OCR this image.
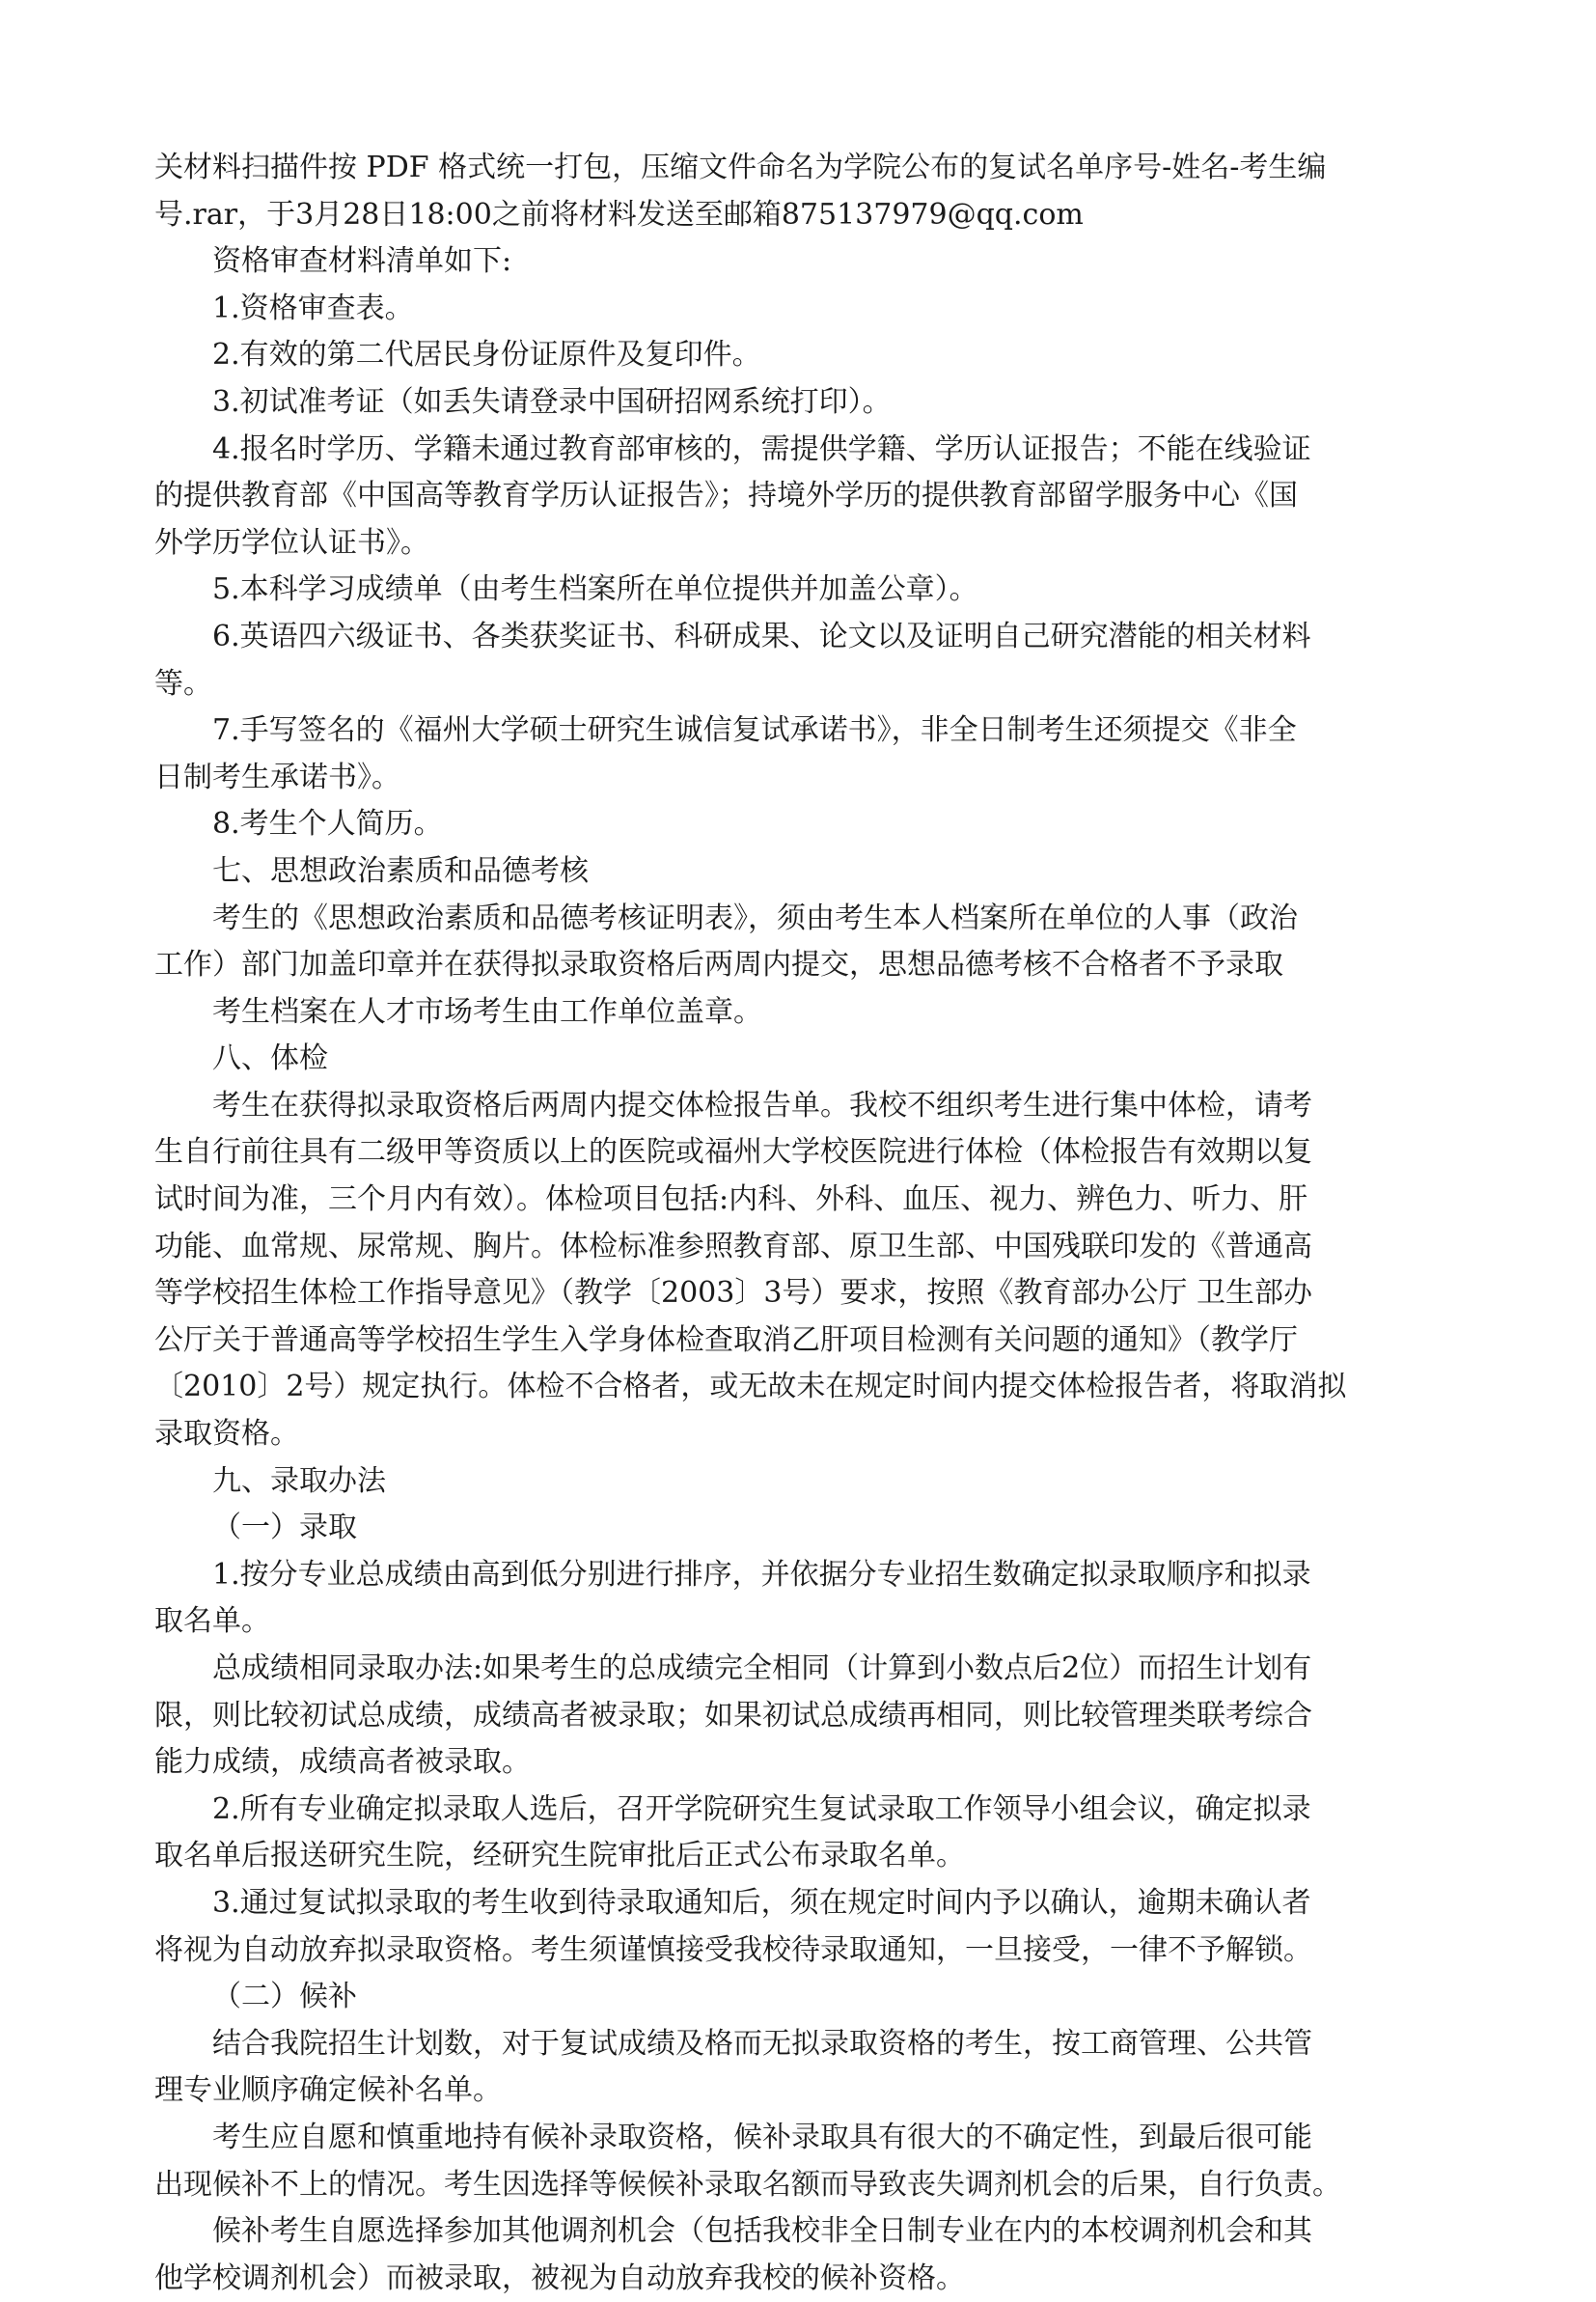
关材料扫描件按 PDF 格式统一打包，压缩文件命名为学院公布的复试名单序号-姓名-考生编
号.rar，于3月28日18:00之前将材料发送至邮箱875137979@qq.com
资格审查材料清单如下:
1.资格审查表。
2.有效的第二代居民身份证原件及复印件。
3.初试准考证（如丢失请登录中国研招网系统打印）。
4.报名时学历、学籍未通过教育部审核的，需提供学籍、学历认证报告；不能在线验证
的提供教育部《中国高等教育学历认证报告》；持境外学历的提供教育部留学服务中心《国
外学历学位认证书》。
5.本科学习成绩单（由考生档案所在单位提供并加盖公章）。
6.英语四六级证书、各类获奖证书、科研成果、论文以及证明自己研究潜能的相关材料
等。
7.手写签名的《福州大学硕士研究生诚信复试承诺书》，非全日制考生还须提交《非全
日制考生承诺书》。
8.考生个人简历。
七、思想政治素质和品德考核
考生的《思想政治素质和品德考核证明表》，须由考生本人档案所在单位的人事（政治
工作）部门加盖印章并在获得拟录取资格后两周内提交，思想品德考核不合格者不予录取
考生档案在人才市场考生由工作单位盖章。
八、体检
考生在获得拟录取资格后两周内提交体检报告单。我校不组织考生进行集中体检，请考
生自行前往具有二级甲等资质以上的医院或福州大学校医院进行体检（体检报告有效期以复
试时间为准，三个月内有效）。体检项目包括:内科、外科、血压、视力、辨色力、听力、肝
功能、血常规、尿常规、胸片。体检标准参照教育部、原卫生部、中国残联印发的《普通高
等学校招生体检工作指导意见》（教学〔2003〕3号）要求，按照《教育部办公厅 卫生部办
公厅关于普通高等学校招生学生入学身体检查取消乙肝项目检测有关问题的通知》（教学厅
〔2010〕2号）规定执行。体检不合格者，或无故未在规定时间内提交体检报告者，将取消拟
录取资格。
九、录取办法
（一）录取
1.按分专业总成绩由高到低分别进行排序，并依据分专业招生数确定拟录取顺序和拟录
取名单。
总成绩相同录取办法:如果考生的总成绩完全相同（计算到小数点后2位）而招生计划有
限，则比较初试总成绩，成绩高者被录取；如果初试总成绩再相同，则比较管理类联考综合
能力成绩，成绩高者被录取。
2.所有专业确定拟录取人选后，召开学院研究生复试录取工作领导小组会议，确定拟录
取名单后报送研究生院，经研究生院审批后正式公布录取名单。
3.通过复试拟录取的考生收到待录取通知后，须在规定时间内予以确认，逾期未确认者
将视为自动放弃拟录取资格。考生须谨慎接受我校待录取通知，一旦接受，一律不予解锁。
（二）候补
结合我院招生计划数，对于复试成绩及格而无拟录取资格的考生，按工商管理、公共管
理专业顺序确定候补名单。
考生应自愿和慎重地持有候补录取资格，候补录取具有很大的不确定性，到最后很可能
出现候补不上的情况。考生因选择等候候补录取名额而导致丧失调剂机会的后果，自行负责。
候补考生自愿选择参加其他调剂机会（包括我校非全日制专业在内的本校调剂机会和其
他学校调剂机会）而被录取，被视为自动放弃我校的候补资格。
